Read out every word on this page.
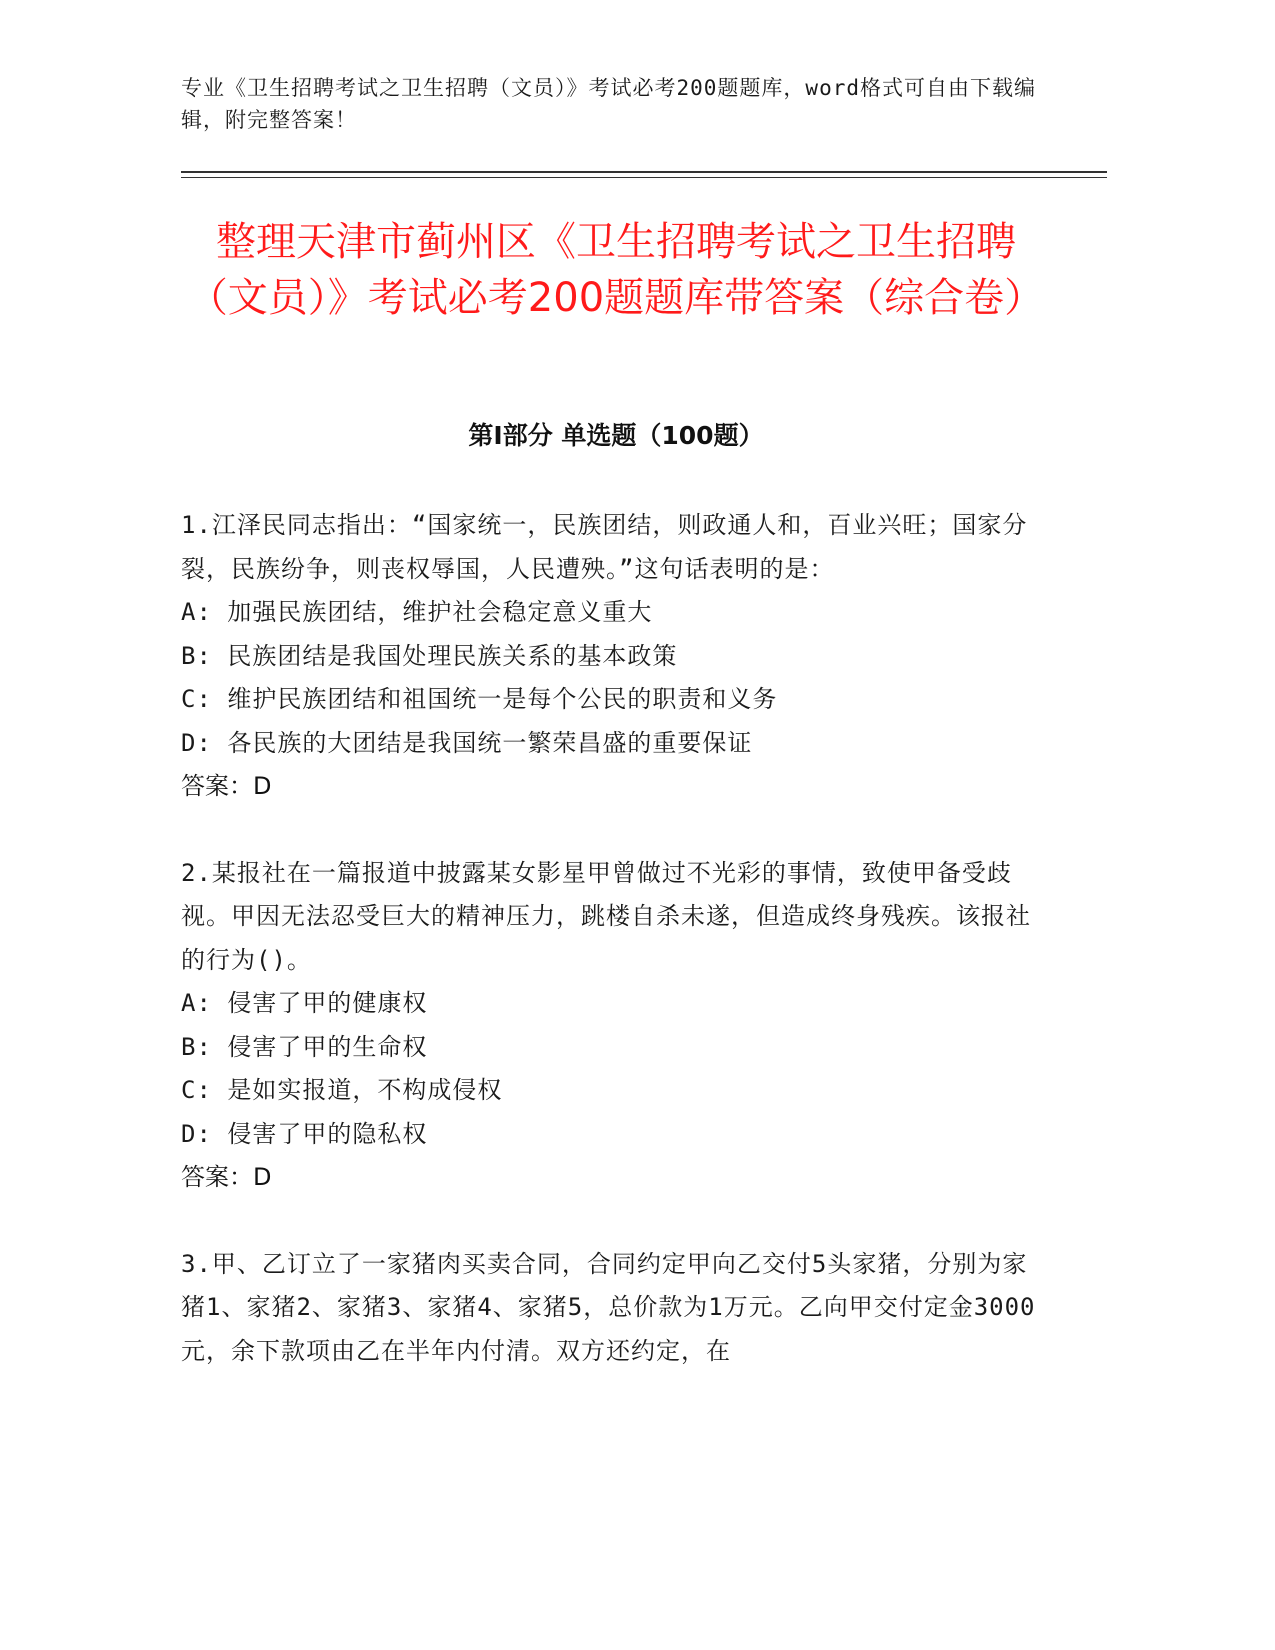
专业《卫生招聘考试之卫生招聘（文员）》考试必考200题题库，word格式可自由下载编辑，附完整答案！
整理天津市蓟州区《卫生招聘考试之卫生招聘（文员）》考试必考200题题库带答案（综合卷）
第Ⅰ部分 单选题（100题）
1.江泽民同志指出：“国家统一，民族团结，则政通人和，百业兴旺；国家分裂，民族纷争，则丧权辱国，人民遭殃。”这句话表明的是：
A: 加强民族团结，维护社会稳定意义重大
B: 民族团结是我国处理民族关系的基本政策
C: 维护民族团结和祖国统一是每个公民的职责和义务
D: 各民族的大团结是我国统一繁荣昌盛的重要保证
答案：D
2.某报社在一篇报道中披露某女影星甲曾做过不光彩的事情，致使甲备受歧视。甲因无法忍受巨大的精神压力，跳楼自杀未遂，但造成终身残疾。该报社的行为()。
A: 侵害了甲的健康权
B: 侵害了甲的生命权
C: 是如实报道，不构成侵权
D: 侵害了甲的隐私权
答案：D
3.甲、乙订立了一家猪肉买卖合同，合同约定甲向乙交付5头家猪，分别为家猪1、家猪2、家猪3、家猪4、家猪5，总价款为1万元。乙向甲交付定金3000元，余下款项由乙在半年内付清。双方还约定，在
